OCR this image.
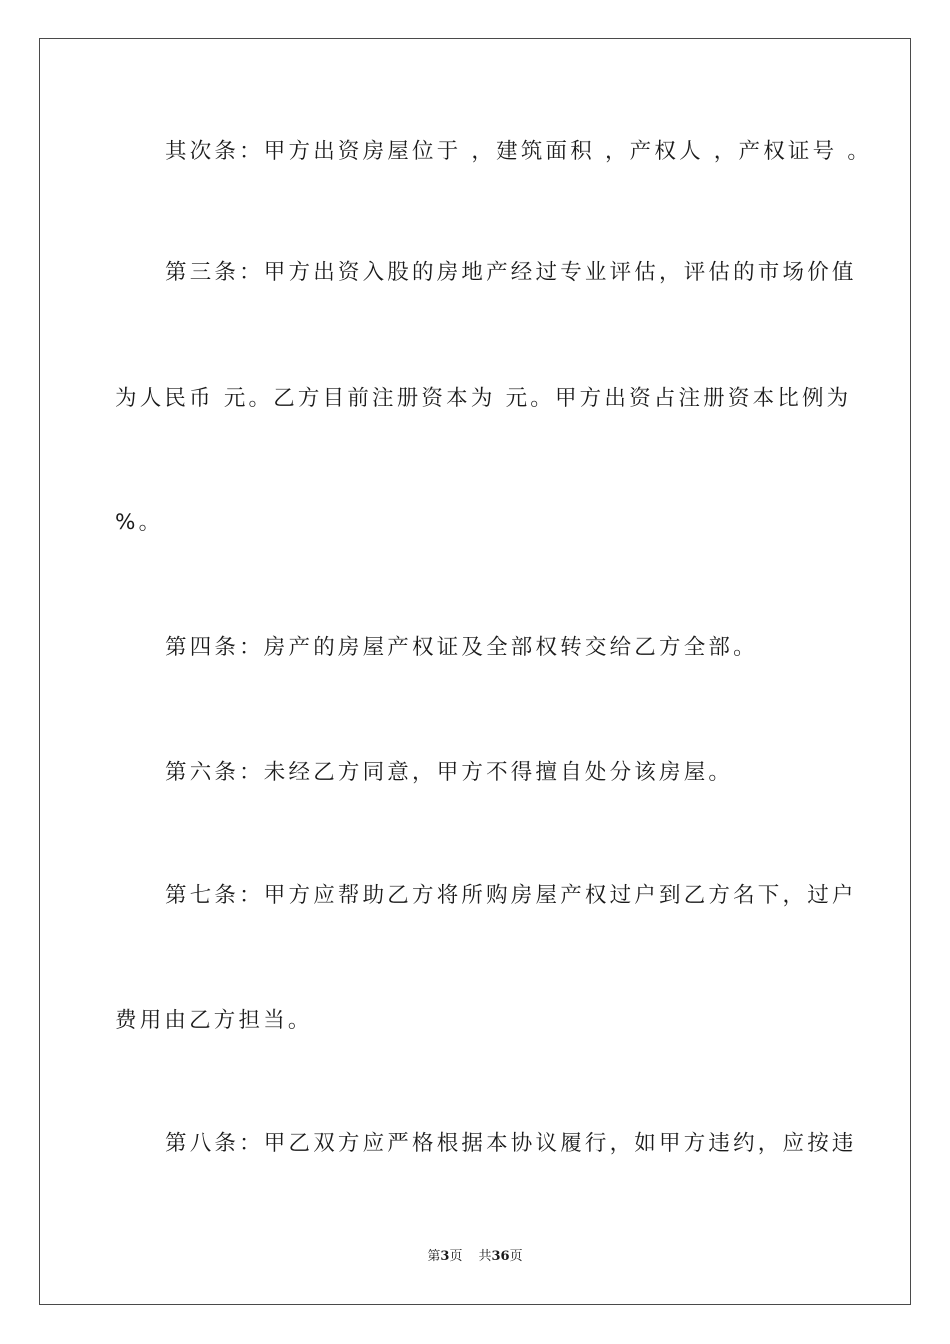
其次条：甲方出资房屋位于 ，建筑面积 ，产权人 ，产权证号 。
第三条：甲方出资入股的房地产经过专业评估，评估的市场价值
为人民币 元。乙方目前注册资本为 元。甲方出资占注册资本比例为
%。
第四条：房产的房屋产权证及全部权转交给乙方全部。
第六条：未经乙方同意，甲方不得擅自处分该房屋。
第七条：甲方应帮助乙方将所购房屋产权过户到乙方名下，过户
费用由乙方担当。
第八条：甲乙双方应严格根据本协议履行，如甲方违约，应按违
第3页 共36页
